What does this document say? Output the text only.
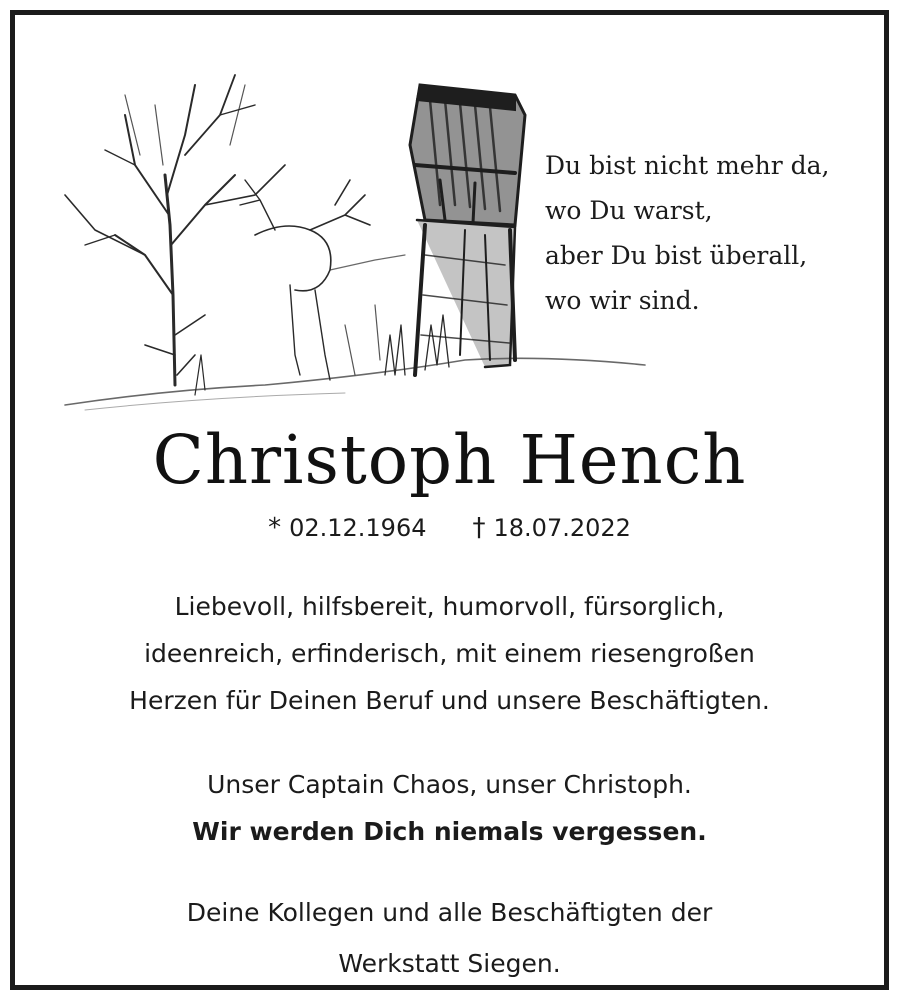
Du bist nicht mehr da,
wo Du warst,
aber Du bist überall,
wo wir sind.
Christoph Hench
* 02.12.1964 † 18.07.2022
Liebevoll, hilfsbereit, humorvoll, fürsorglich,
ideenreich, erfinderisch, mit einem riesengroßen
Herzen für Deinen Beruf und unsere Beschäftigten.
Unser Captain Chaos, unser Christoph.
Wir werden Dich niemals vergessen.
Deine Kollegen und alle Beschäftigten der
Werkstatt Siegen.
